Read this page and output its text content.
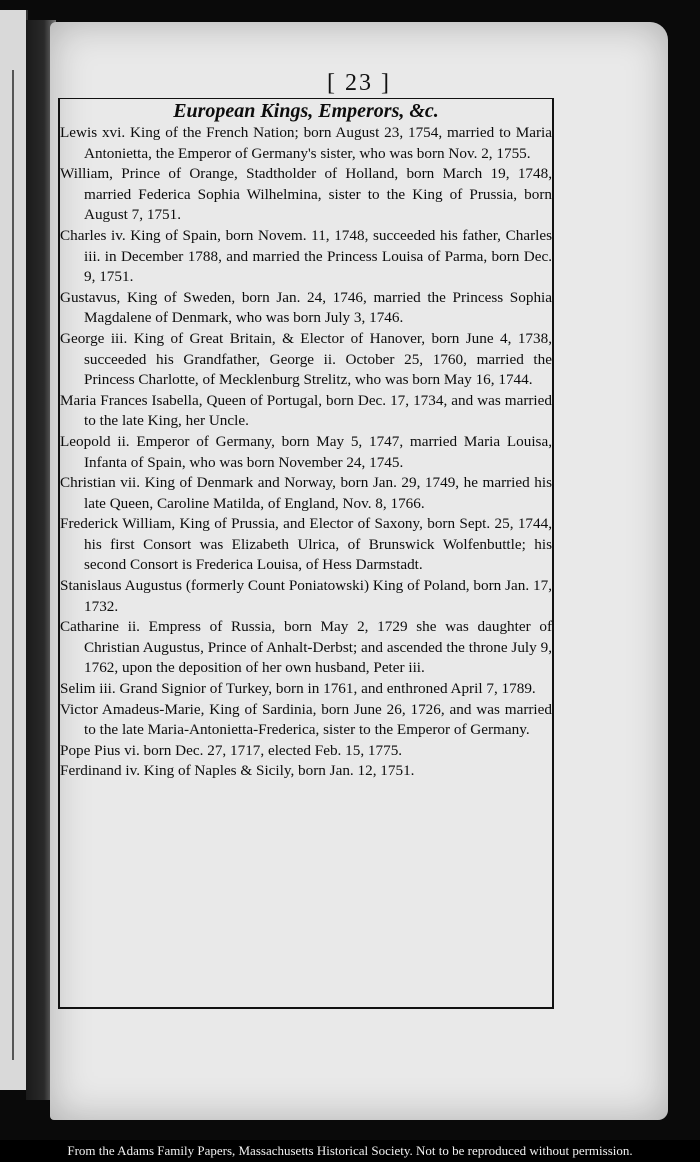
[ 23 ]
European Kings, Emperors, &c.
Lewis xvi. King of the French Nation; born August 23, 1754, married to Maria Antonietta, the Emperor of Germany's sister, who was born Nov. 2, 1755.
William, Prince of Orange, Stadtholder of Holland, born March 19, 1748, married Federica Sophia Wilhelmina, sister to the King of Prussia, born August 7, 1751.
Charles iv. King of Spain, born Novem. 11, 1748, succeeded his father, Charles iii. in December 1788, and married the Princess Louisa of Parma, born Dec. 9, 1751.
Gustavus, King of Sweden, born Jan. 24, 1746, married the Princess Sophia Magdalene of Denmark, who was born July 3, 1746.
George iii. King of Great Britain, & Elector of Hanover, born June 4, 1738, succeeded his Grandfather, George ii. October 25, 1760, married the Princess Charlotte, of Mecklenburg Strelitz, who was born May 16, 1744.
Maria Frances Isabella, Queen of Portugal, born Dec. 17, 1734, and was married to the late King, her Uncle.
Leopold ii. Emperor of Germany, born May 5, 1747, married Maria Louisa, Infanta of Spain, who was born November 24, 1745.
Christian vii. King of Denmark and Norway, born Jan. 29, 1749, he married his late Queen, Caroline Matilda, of England, Nov. 8, 1766.
Frederick William, King of Prussia, and Elector of Saxony, born Sept. 25, 1744, his first Consort was Elizabeth Ulrica, of Brunswick Wolfenbuttle; his second Consort is Frederica Louisa, of Hess Darmstadt.
Stanislaus Augustus (formerly Count Poniatowski) King of Poland, born Jan. 17, 1732.
Catharine ii. Empress of Russia, born May 2, 1729 she was daughter of Christian Augustus, Prince of Anhalt-Derbst; and ascended the throne July 9, 1762, upon the deposition of her own husband, Peter iii.
Selim iii. Grand Signior of Turkey, born in 1761, and enthroned April 7, 1789.
Victor Amadeus-Marie, King of Sardinia, born June 26, 1726, and was married to the late Maria-Antonietta-Frederica, sister to the Emperor of Germany.
Pope Pius vi. born Dec. 27, 1717, elected Feb. 15, 1775.
Ferdinand iv. King of Naples & Sicily, born Jan. 12, 1751.
From the Adams Family Papers, Massachusetts Historical Society. Not to be reproduced without permission.
